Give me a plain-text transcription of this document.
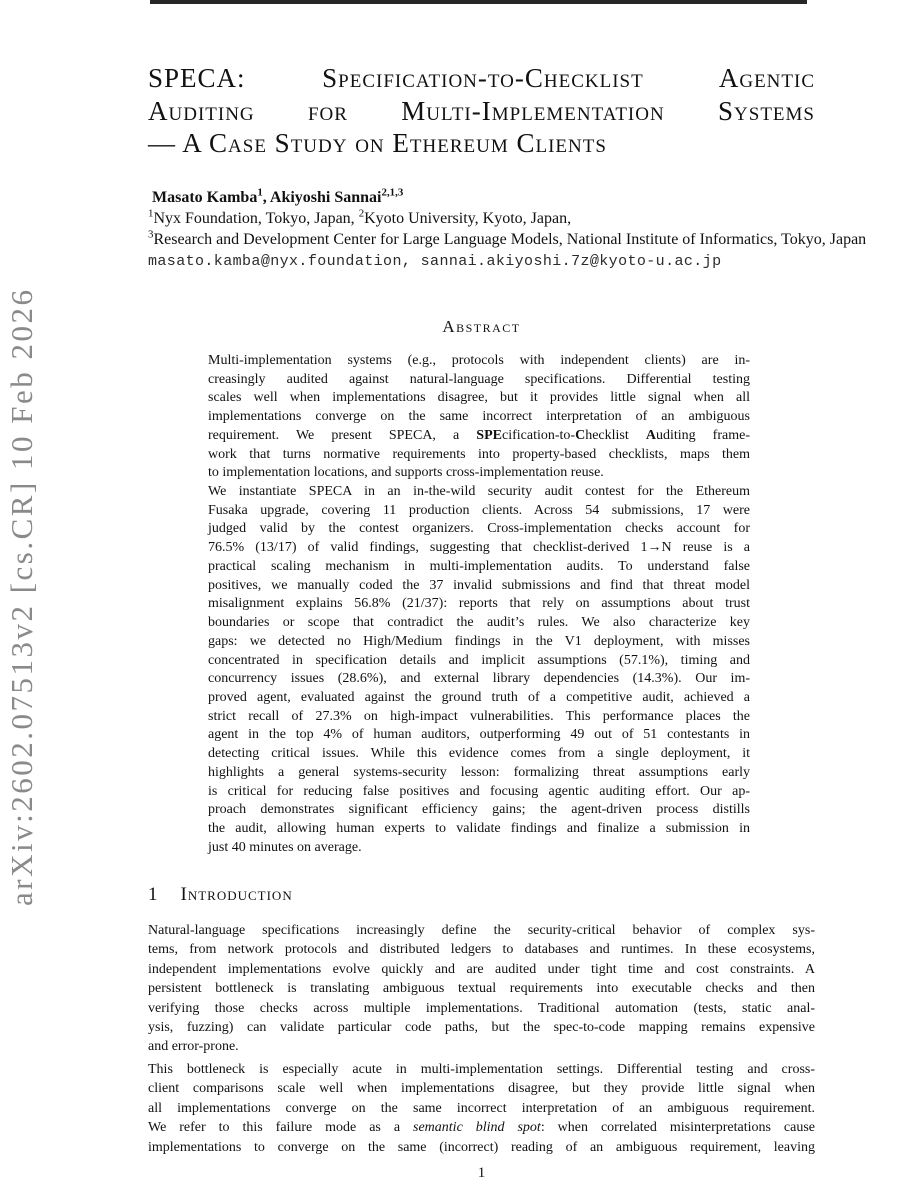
arXiv:2602.07513v2 [cs.CR] 10 Feb 2026
SPECA: Specification-to-Checklist Agentic
Auditing for Multi-Implementation Systems
— A Case Study on Ethereum Clients
Masato Kamba$^1$, Akiyoshi Sannai$^{2,1,3}$
$^1$Nyx Foundation, Tokyo, Japan, $^2$Kyoto University, Kyoto, Japan,
$^3$Research and Development Center for Large Language Models, National Institute of Informatics, Tokyo, Japan
masato.kamba@nyx.foundation, sannai.akiyoshi.7z@kyoto-u.ac.jp
Abstract
Multi-implementation systems (e.g., protocols with independent clients) are in-
creasingly audited against natural-language specifications. Differential testing
scales well when implementations disagree, but it provides little signal when all
implementations converge on the same incorrect interpretation of an ambiguous
requirement. We present SPECA, a SPEcification-to-Checklist Auditing frame-
work that turns normative requirements into property-based checklists, maps them
to implementation locations, and supports cross-implementation reuse.
We instantiate SPECA in an in-the-wild security audit contest for the Ethereum
Fusaka upgrade, covering 11 production clients. Across 54 submissions, 17 were
judged valid by the contest organizers. Cross-implementation checks account for
76.5% (13/17) of valid findings, suggesting that checklist-derived 1→N reuse is a
practical scaling mechanism in multi-implementation audits. To understand false
positives, we manually coded the 37 invalid submissions and find that threat model
misalignment explains 56.8% (21/37): reports that rely on assumptions about trust
boundaries or scope that contradict the audit’s rules. We also characterize key
gaps: we detected no High/Medium findings in the V1 deployment, with misses
concentrated in specification details and implicit assumptions (57.1%), timing and
concurrency issues (28.6%), and external library dependencies (14.3%). Our im-
proved agent, evaluated against the ground truth of a competitive audit, achieved a
strict recall of 27.3% on high-impact vulnerabilities. This performance places the
agent in the top 4% of human auditors, outperforming 49 out of 51 contestants in
detecting critical issues. While this evidence comes from a single deployment, it
highlights a general systems-security lesson: formalizing threat assumptions early
is critical for reducing false positives and focusing agentic auditing effort. Our ap-
proach demonstrates significant efficiency gains; the agent-driven process distills
the audit, allowing human experts to validate findings and finalize a submission in
just 40 minutes on average.
1 Introduction
Natural-language specifications increasingly define the security-critical behavior of complex sys-
tems, from network protocols and distributed ledgers to databases and runtimes. In these ecosystems,
independent implementations evolve quickly and are audited under tight time and cost constraints. A
persistent bottleneck is translating ambiguous textual requirements into executable checks and then
verifying those checks across multiple implementations. Traditional automation (tests, static anal-
ysis, fuzzing) can validate particular code paths, but the spec-to-code mapping remains expensive
and error-prone.
This bottleneck is especially acute in multi-implementation settings. Differential testing and cross-
client comparisons scale well when implementations disagree, but they provide little signal when
all implementations converge on the same incorrect interpretation of an ambiguous requirement.
We refer to this failure mode as a semantic blind spot: when correlated misinterpretations cause
implementations to converge on the same (incorrect) reading of an ambiguous requirement, leaving
1
